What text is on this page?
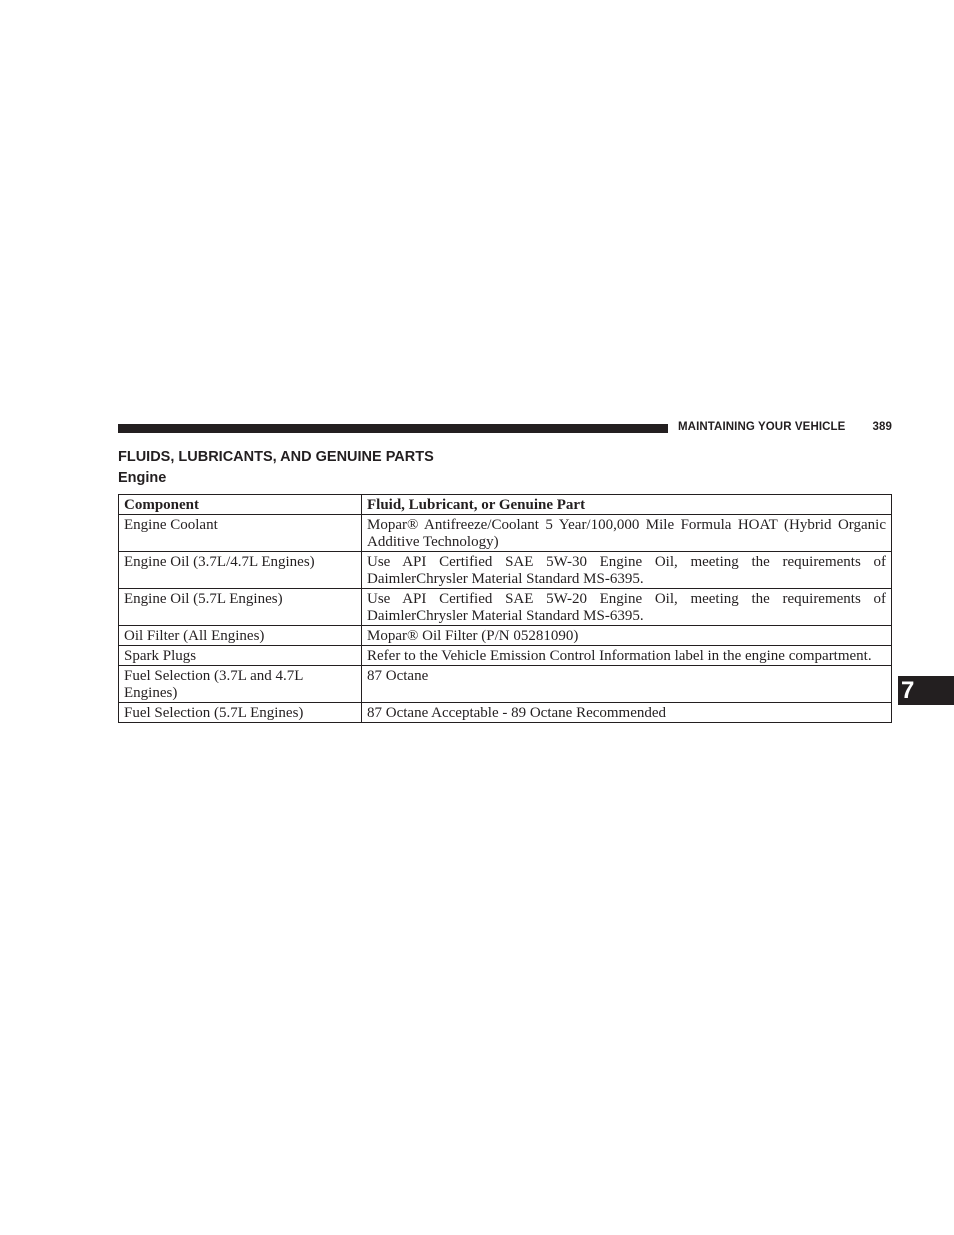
MAINTAINING YOUR VEHICLE 389
FLUIDS, LUBRICANTS, AND GENUINE PARTS
Engine
Component	Fluid, Lubricant, or Genuine Part
Engine Coolant	Mopar® Antifreeze/Coolant 5 Year/100,000 Mile Formula HOAT (Hybrid Organic Additive Technology)
Engine Oil (3.7L/4.7L Engines)	Use API Certified SAE 5W-30 Engine Oil, meeting the requirements of DaimlerChrysler Material Standard MS-6395.
Engine Oil (5.7L Engines)	Use API Certified SAE 5W-20 Engine Oil, meeting the requirements of DaimlerChrysler Material Standard MS-6395.
Oil Filter (All Engines)	Mopar® Oil Filter (P/N 05281090)
Spark Plugs	Refer to the Vehicle Emission Control Information label in the engine compartment.
Fuel Selection (3.7L and 4.7L Engines)	87 Octane
Fuel Selection (5.7L Engines)	87 Octane Acceptable - 89 Octane Recommended
7
